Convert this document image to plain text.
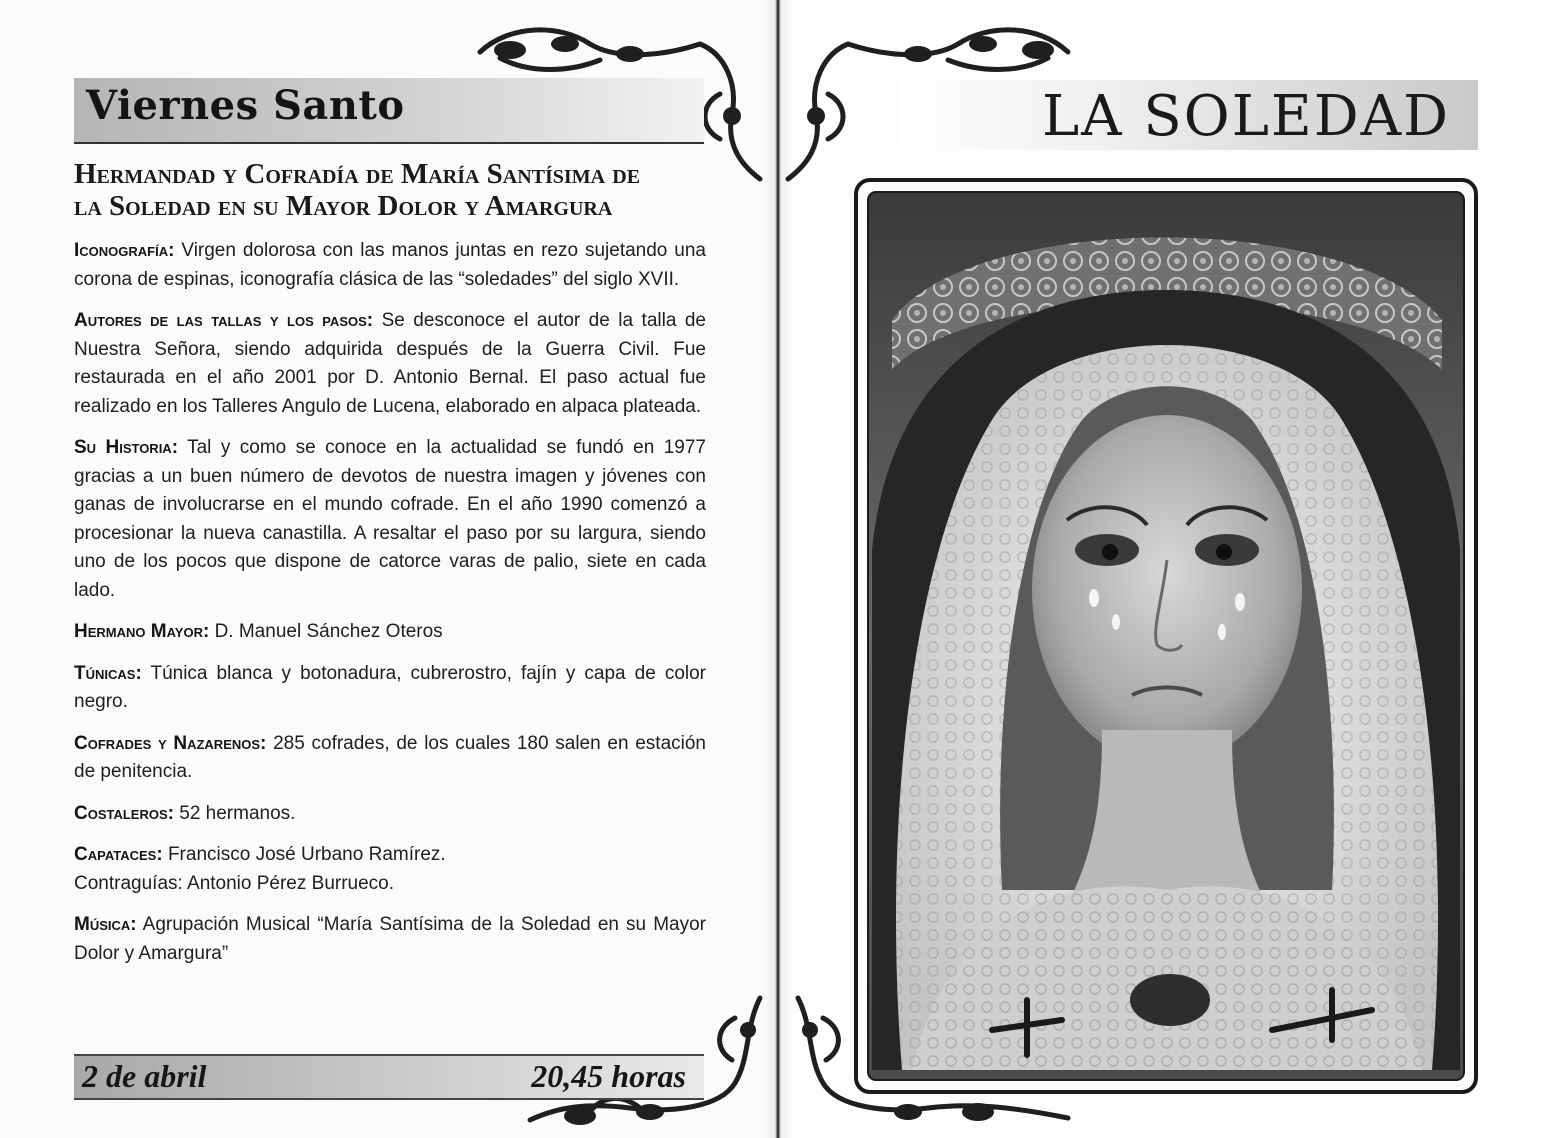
Viernes Santo
Hermandad y Cofradía de María Santísima de
la Soledad en su Mayor Dolor y Amargura

Iconografía: Virgen dolorosa con las manos juntas en rezo sujetando una corona de espinas, iconografía clásica de las “soledades” del siglo XVII.

Autores de las tallas y los pasos: Se desconoce el autor de la talla de Nuestra Señora, siendo adquirida después de la Guerra Civil. Fue restaurada en el año 2001 por D. Antonio Bernal. El paso actual fue realizado en los Talleres Angulo de Lucena, elaborado en alpaca plateada.

Su Historia: Tal y como se conoce en la actualidad se fundó en 1977 gracias a un buen número de devotos de nuestra imagen y jóvenes con ganas de involucrarse en el mundo cofrade. En el año 1990 comenzó a procesionar la nueva canastilla. A resaltar el paso por su largura, siendo uno de los pocos que dispone de catorce varas de palio, siete en cada lado.

Hermano Mayor: D. Manuel Sánchez Oteros

Túnicas: Túnica blanca y botonadura, cubrerostro, fajín y capa de color negro.

Cofrades y Nazarenos: 285 cofrades, de los cuales 180 salen en estación de penitencia.

Costaleros: 52 hermanos.

Capataces: Francisco José Urbano Ramírez.
Contraguías: Antonio Pérez Burrueco.

Música: Agrupación Musical “María Santísima de la Soledad en su Mayor Dolor y Amargura”

2 de abril	20,45 horas
LA SOLEDAD
